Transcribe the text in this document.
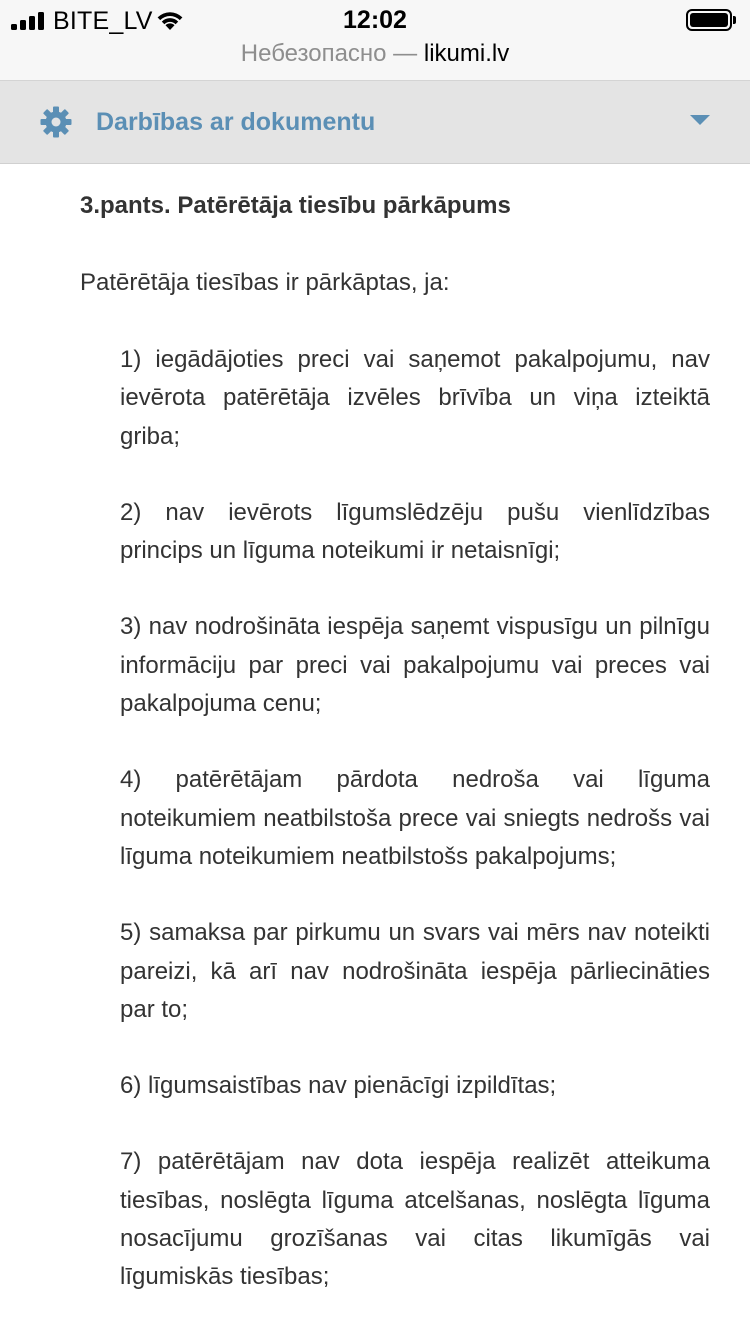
BITE_LV	12:02
Небезопасно — likumi.lv
Darbības ar dokumentu
3.pants. Patērētāja tiesību pārkāpums

Patērētāja tiesības ir pārkāptas, ja:

1) iegādājoties preci vai saņemot pakalpojumu, nav ievērota patērētāja izvēles brīvība un viņa izteiktā griba;
2) nav ievērots līgumslēdzēju pušu vienlīdzības princips un līguma noteikumi ir netaisnīgi;
3) nav nodrošināta iespēja saņemt vispusīgu un pilnīgu informāciju par preci vai pakalpojumu vai preces vai pakalpojuma cenu;
4) patērētājam pārdota nedroša vai līguma noteikumiem neatbilstoša prece vai sniegts nedrošs vai līguma noteikumiem neatbilstošs pakalpojums;
5) samaksa par pirkumu un svars vai mērs nav noteikti pareizi, kā arī nav nodrošināta iespēja pārliecināties par to;
6) līgumsaistības nav pienācīgi izpildītas;
7) patērētājam nav dota iespēja realizēt atteikuma tiesības, noslēgta līguma atcelšanas, noslēgta līguma nosacījumu grozīšanas vai citas likumīgās vai līgumiskās tiesības;
